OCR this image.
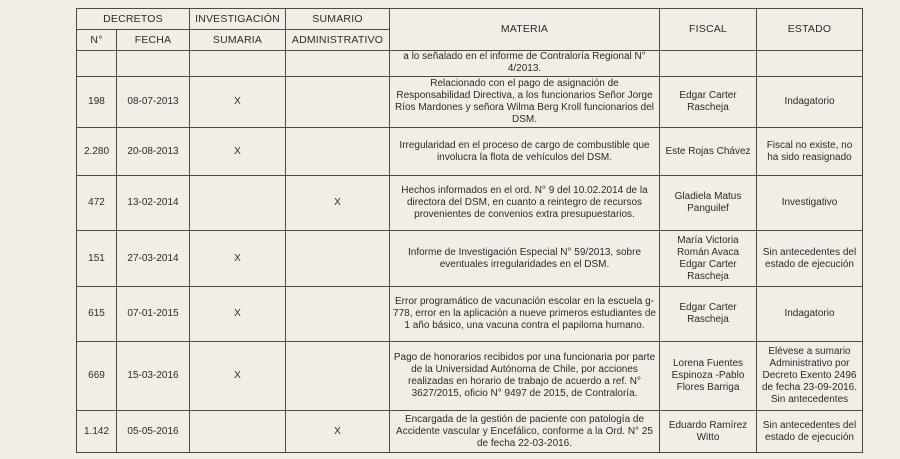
DECRETOS		INVESTIGACIÓN	SUMARIO	MATERIA	FISCAL	ESTADO
N°	FECHA	SUMARIA	ADMINISTRATIVO			
				a lo señalado en el informe de Contraloría Regional N° 4/2013.		
198	08-07-2013	X		Relacionado con el pago de asignación de Responsabilidad Directiva, a los funcionarios Señor Jorge Ríos Mardones y señora Wilma Berg Kroll funcionarios del DSM.	Edgar Carter Rascheja	Indagatorio
2.280	20-08-2013	X		Irregularidad en el proceso de cargo de combustible que involucra la flota de vehículos del DSM.	Este Rojas Chávez	Fiscal no existe, no ha sido reasignado
472	13-02-2014		X	Hechos informados en el ord. N° 9 del 10.02.2014 de la directora del DSM, en cuanto a reintegro de recursos provenientes de convenios extra presupuestarios.	Gladiela Matus Panguilef	Investigativo
151	27-03-2014	X		Informe de Investigación Especial N° 59/2013, sobre eventuales irregularidades en el DSM.	María Victoria Román Avaca Edgar Carter Rascheja	Sin antecedentes del estado de ejecución
615	07-01-2015	X		Error programático de vacunación escolar en la escuela g-778, error en la aplicación a nueve primeros estudiantes de 1 año básico, una vacuna contra el papiloma humano.	Edgar Carter Rascheja	Indagatorio
669	15-03-2016	X		Pago de honorarios recibidos por una funcionaria por parte de la Universidad Autónoma de Chile, por acciones realizadas en horario de trabajo de acuerdo a ref. N° 3627/2015, oficio N° 9497 de 2015, de Contraloría.	Lorena Fuentes Espinoza -Pablo Flores Barriga	Elévese a sumario Administrativo por Decreto Exento 2496 de fecha 23-09-2016. Sin antecedentes
1.142	05-05-2016		X	Encargada de la gestión de paciente con patología de Accidente vascular y Encefálico, conforme a la Ord. N° 25 de fecha 22-03-2016.	Eduardo Ramírez Witto	Sin antecedentes del estado de ejecución
